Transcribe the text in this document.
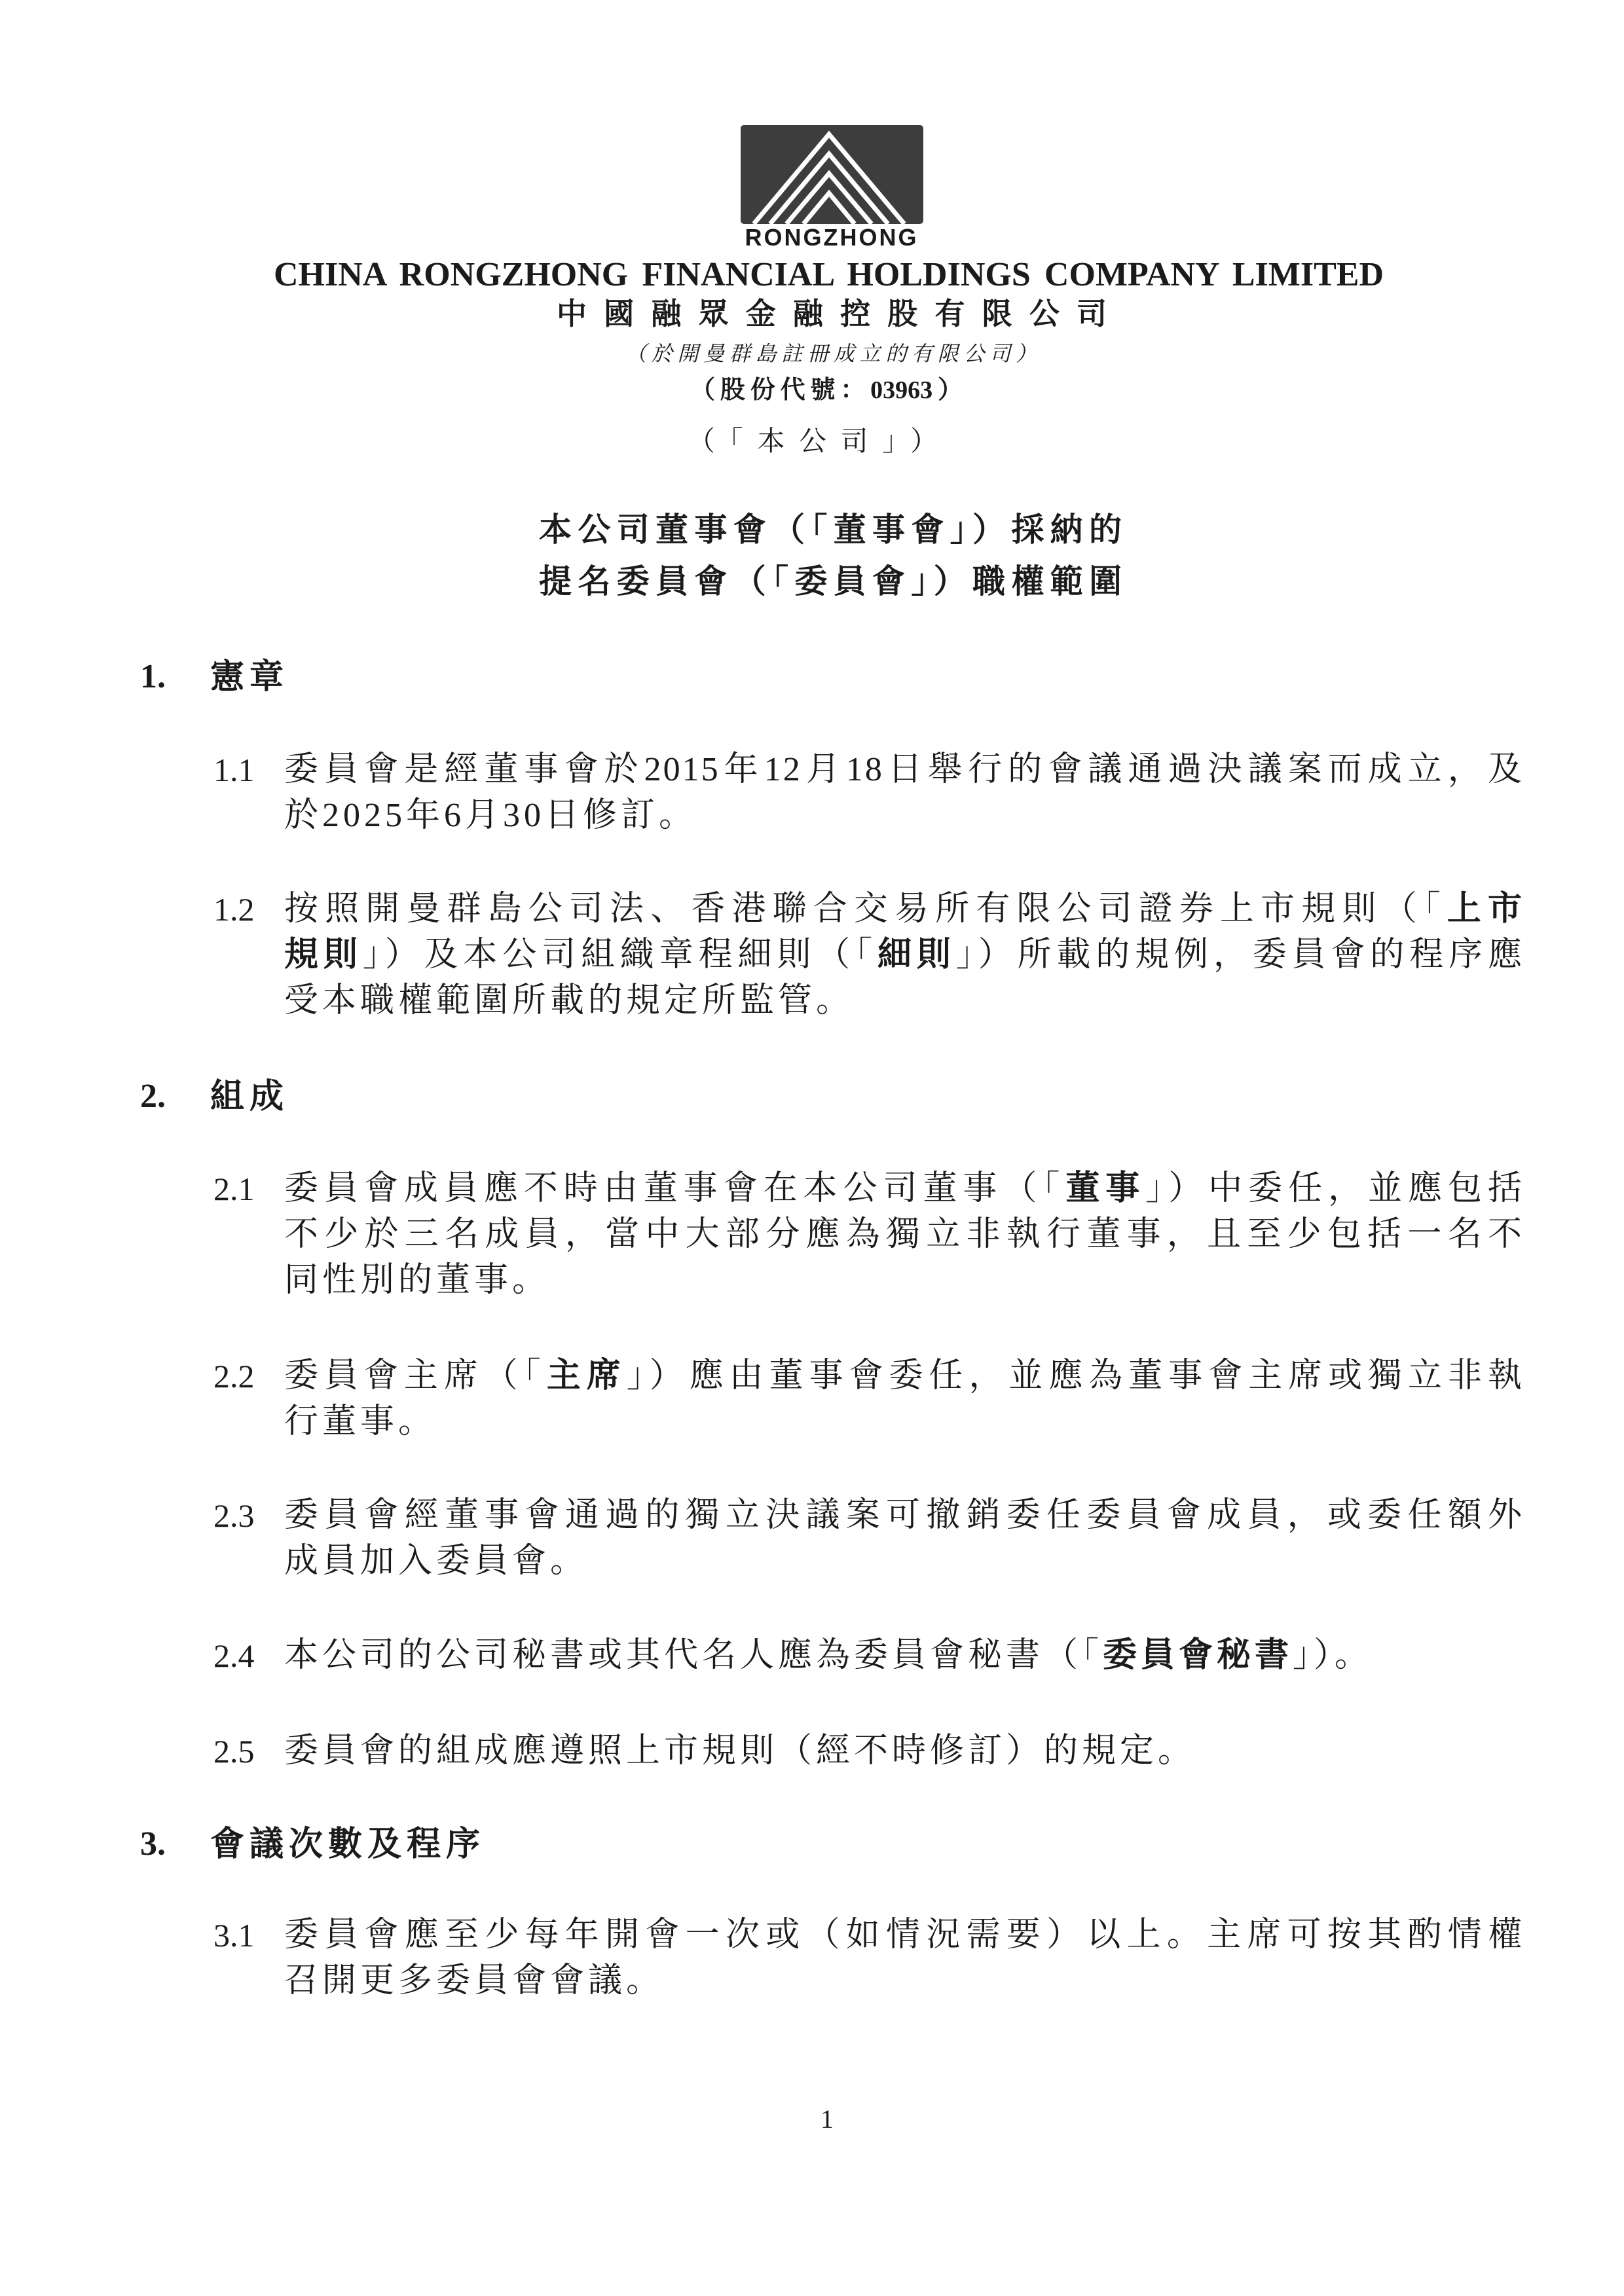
RONGZHONG
CHINA RONGZHONG FINANCIAL HOLDINGS COMPANY LIMITED
中國融眾金融控股有限公司
（於開曼群島註冊成立的有限公司）
（股份代號：03963）
（「本公司」）
本公司董事會（「董事會」）採納的
提名委員會（「委員會」）職權範圍
1. 憲章
1.1 委員會是經董事會於2015年12月18日舉行的會議通過決議案而成立，及
於2025年6月30日修訂。
1.2 按照開曼群島公司法、香港聯合交易所有限公司證券上市規則（「上市
規則」）及本公司組織章程細則（「細則」）所載的規例，委員會的程序應
受本職權範圍所載的規定所監管。
2. 組成
2.1 委員會成員應不時由董事會在本公司董事（「董事」）中委任，並應包括
不少於三名成員，當中大部分應為獨立非執行董事，且至少包括一名不
同性別的董事。
2.2 委員會主席（「主席」）應由董事會委任，並應為董事會主席或獨立非執
行董事。
2.3 委員會經董事會通過的獨立決議案可撤銷委任委員會成員，或委任額外
成員加入委員會。
2.4 本公司的公司秘書或其代名人應為委員會秘書（「委員會秘書」）。
2.5 委員會的組成應遵照上市規則（經不時修訂）的規定。
3. 會議次數及程序
3.1 委員會應至少每年開會一次或（如情況需要）以上。主席可按其酌情權
召開更多委員會會議。
1
